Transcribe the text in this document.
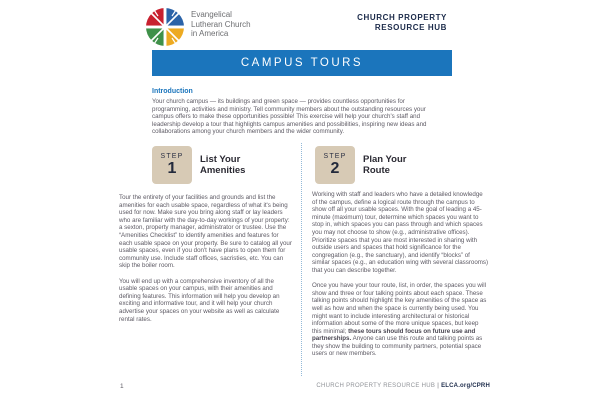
Evangelical
Lutheran Church
in America
CHURCH PROPERTY
RESOURCE HUB
CAMPUS TOURS
Introduction
Your church campus — its buildings and green space — provides countless opportunities for programming, activities and ministry. Tell community members about the outstanding resources your campus offers to make these opportunities possible! This exercise will help your church's staff and leadership develop a tour that highlights campus amenities and possibilities, inspiring new ideas and collaborations among your church members and the wider community.
STEP
1
List Your
Amenities

Tour the entirety of your facilities and grounds and list the amenities for each usable space, regardless of what it's being used for now. Make sure you bring along staff or lay leaders who are familiar with the day-to-day workings of your property: a sexton, property manager, administrator or trustee. Use the “Amenities Checklist” to identify amenities and features for each usable space on your property. Be sure to catalog all your usable spaces, even if you don't have plans to open them for community use. Include staff offices, sacristies, etc. You can skip the boiler room.

You will end up with a comprehensive inventory of all the usable spaces on your campus, with their amenities and defining features. This information will help you develop an exciting and informative tour, and it will help your church advertise your spaces on your website as well as calculate rental rates.

STEP
2
Plan Your
Route

Working with staff and leaders who have a detailed knowledge of the campus, define a logical route through the campus to show off all your usable spaces. With the goal of leading a 45-minute (maximum) tour, determine which spaces you want to stop in, which spaces you can pass through and which spaces you may not choose to show (e.g., administrative offices). Prioritize spaces that you are most interested in sharing with outside users and spaces that hold significance for the congregation (e.g., the sanctuary), and identify “blocks” of similar spaces (e.g., an education wing with several classrooms) that you can describe together.

Once you have your tour route, list, in order, the spaces you will show and three or four talking points about each space. These talking points should highlight the key amenities of the space as well as how and when the space is currently being used. You might want to include interesting architectural or historical information about some of the more unique spaces, but keep this minimal; these tours should focus on future use and partnerships. Anyone can use this route and talking points as they show the building to community partners, potential space users or new members.

1	CHURCH PROPERTY RESOURCE HUB | ELCA.org/CPRH
